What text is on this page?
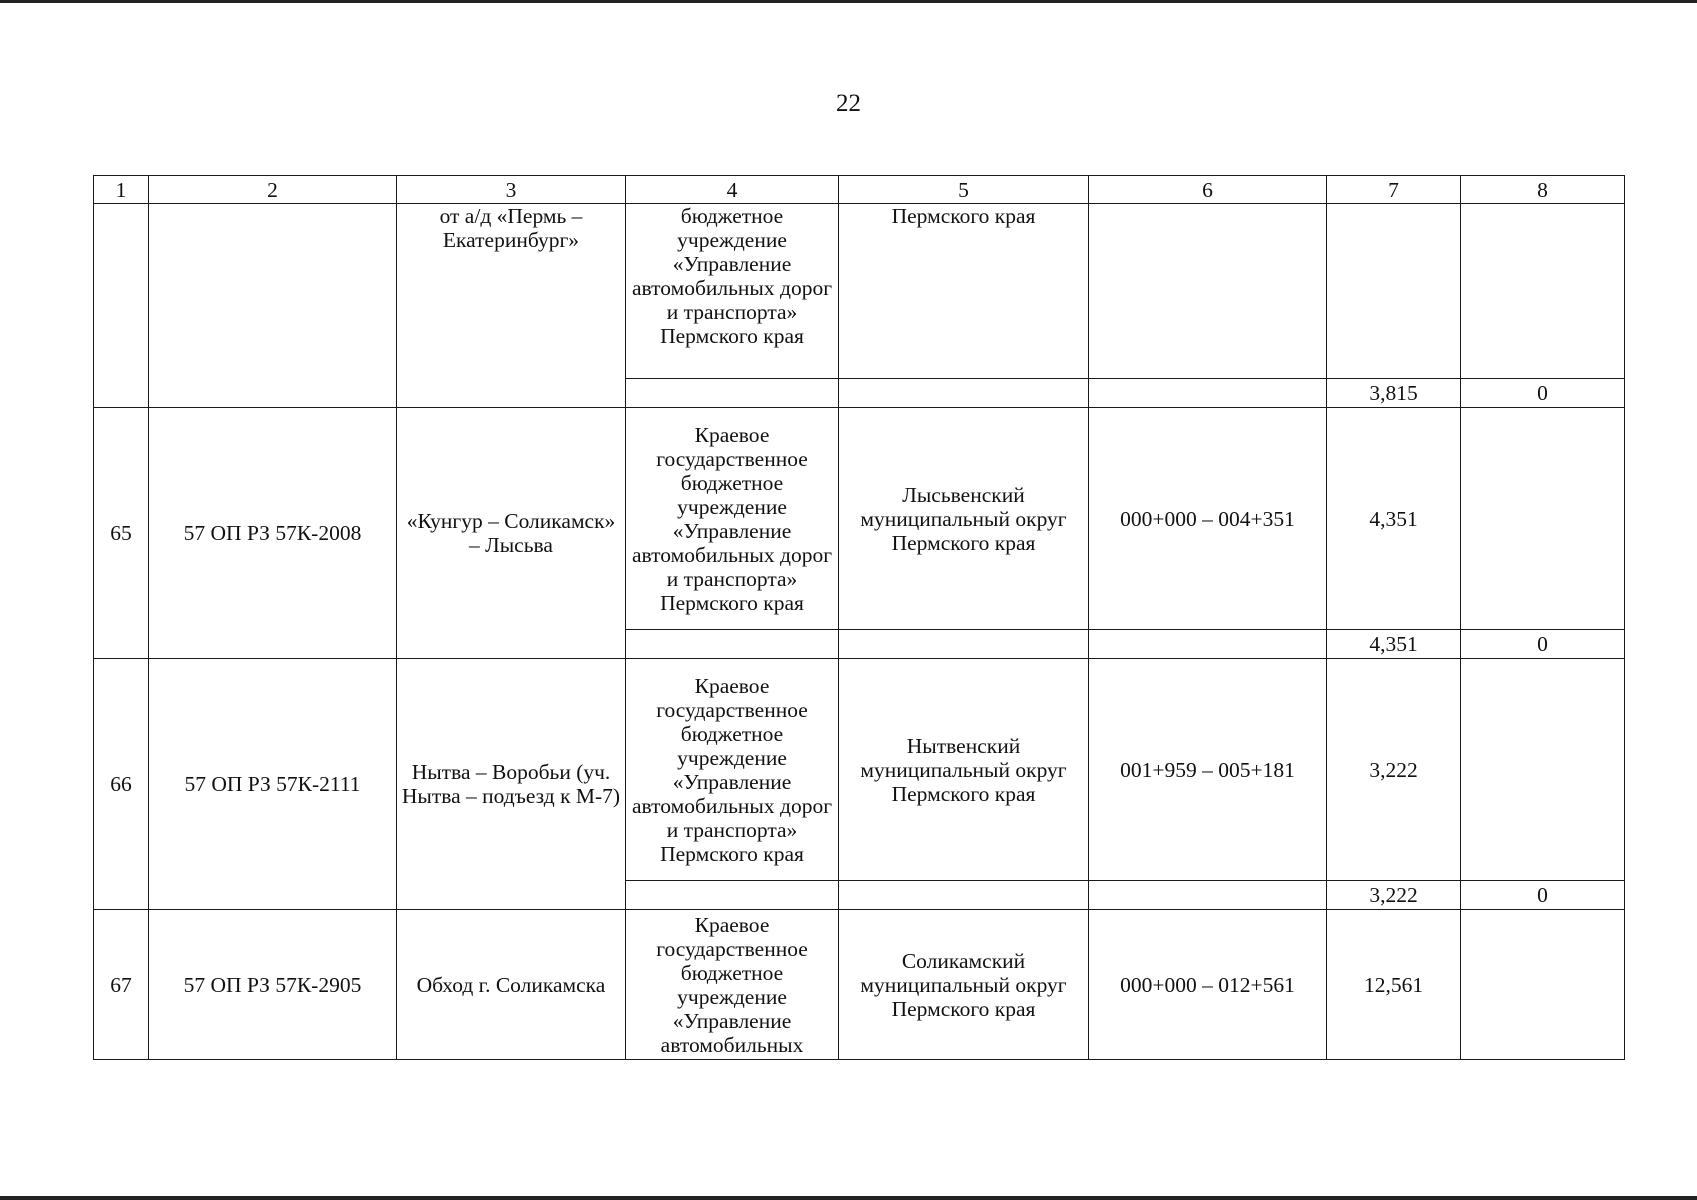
22
1	2	3	4	5	6	7	8
		от а/д «Пермь – Екатеринбург»	бюджетное учреждение «Управление автомобильных дорог и транспорта» Пермского края	Пермского края			
						3,815	0
65	57 ОП РЗ 57К-2008	«Кунгур – Соликамск» – Лысьва	Краевое государственное бюджетное учреждение «Управление автомобильных дорог и транспорта» Пермского края	Лысьвенский муниципальный округ Пермского края	000+000 – 004+351	4,351	
						4,351	0
66	57 ОП РЗ 57К-2111	Нытва – Воробьи (уч. Нытва – подъезд к М-7)	Краевое государственное бюджетное учреждение «Управление автомобильных дорог и транспорта» Пермского края	Нытвенский муниципальный округ Пермского края	001+959 – 005+181	3,222	
						3,222	0
67	57 ОП РЗ 57К-2905	Обход г. Соликамска	Краевое государственное бюджетное учреждение «Управление автомобильных	Соликамский муниципальный округ Пермского края	000+000 – 012+561	12,561	
